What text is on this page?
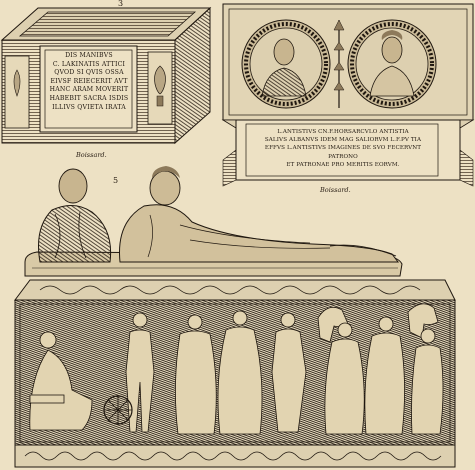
3
5
DIS MANIBVS
C. LAKINATIS ATTICI
QVOD SI QVIS OSSA
EIVSF REIECERIT AVT
HANC ARAM MOVERIT
HABEBIT SACRA ISDIS
ILLIVS QVIETA IRATA
L.ANTISTIVS CN.F.HORSARCVLO ANTISTIA
SALIVS ALBANVS IDEM MAG SALIORVM L.F.PV TIA
EFFVS L.ANTISTIVS IMAGINES DE SVO FECERVNT PATRONO
ET PATRONAE PRO MERITIS EORVM.
Boissard.
Boissard.
